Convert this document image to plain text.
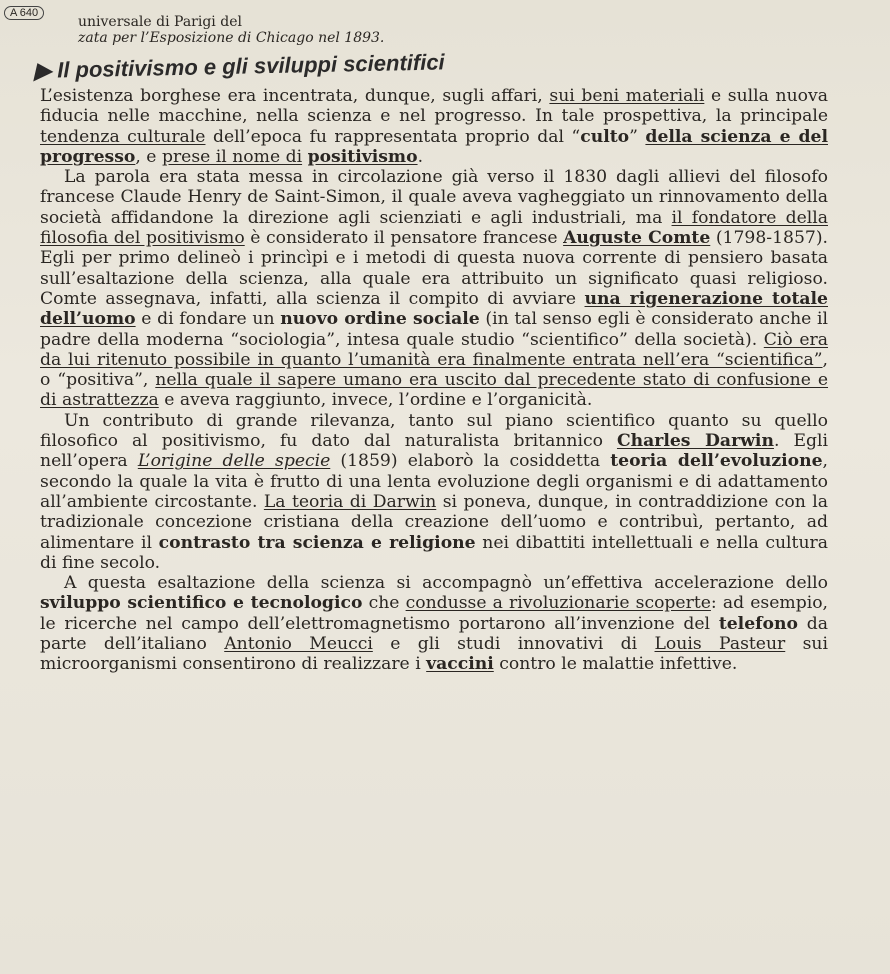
A 640
universale di Parigi del
zata per l’Esposizione di Chicago nel 1893.
▶ Il positivismo e gli sviluppi scientifici

L’esistenza borghese era incentrata, dunque, sugli affari, sui beni materiali e sulla nuova fiducia nelle macchine, nella scienza e nel progresso. In tale prospettiva, la principale tendenza culturale dell’epoca fu rappresentata proprio dal “culto” della scienza e del progresso, e prese il nome di positivismo.

La parola era stata messa in circolazione già verso il 1830 dagli allievi del filosofo francese Claude Henry de Saint-Simon, il quale aveva vagheggiato un rinnovamento della società affidandone la direzione agli scienziati e agli industriali, ma il fondatore della filosofia del positivismo è considerato il pensatore francese Auguste Comte (1798-1857). Egli per primo delineò i princìpi e i metodi di questa nuova corrente di pensiero basata sull’esaltazione della scienza, alla quale era attribuito un significato quasi religioso. Comte assegnava, infatti, alla scienza il compito di avviare una rigenerazione totale dell’uomo e di fondare un nuovo ordine sociale (in tal senso egli è considerato anche il padre della moderna “sociologia”, intesa quale studio “scientifico” della società). Ciò era da lui ritenuto possibile in quanto l’umanità era finalmente entrata nell’era “scientifica”, o “positiva”, nella quale il sapere umano era uscito dal precedente stato di confusione e di astrattezza e aveva raggiunto, invece, l’ordine e l’organicità.

Un contributo di grande rilevanza, tanto sul piano scientifico quanto su quello filosofico al positivismo, fu dato dal naturalista britannico Charles Darwin. Egli nell’opera L’origine delle specie (1859) elaborò la cosiddetta teoria dell’evoluzione, secondo la quale la vita è frutto di una lenta evoluzione degli organismi e di adattamento all’ambiente circostante. La teoria di Darwin si poneva, dunque, in contraddizione con la tradizionale concezione cristiana della creazione dell’uomo e contribuì, pertanto, ad alimentare il contrasto tra scienza e religione nei dibattiti intellettuali e nella cultura di fine secolo.

A questa esaltazione della scienza si accompagnò un’effettiva accelerazione dello sviluppo scientifico e tecnologico che condusse a rivoluzionarie scoperte: ad esempio, le ricerche nel campo dell’elettromagnetismo portarono all’invenzione del telefono da parte dell’italiano Antonio Meucci e gli studi innovativi di Louis Pasteur sui microorganismi consentirono di realizzare i vaccini contro le malattie infettive.
